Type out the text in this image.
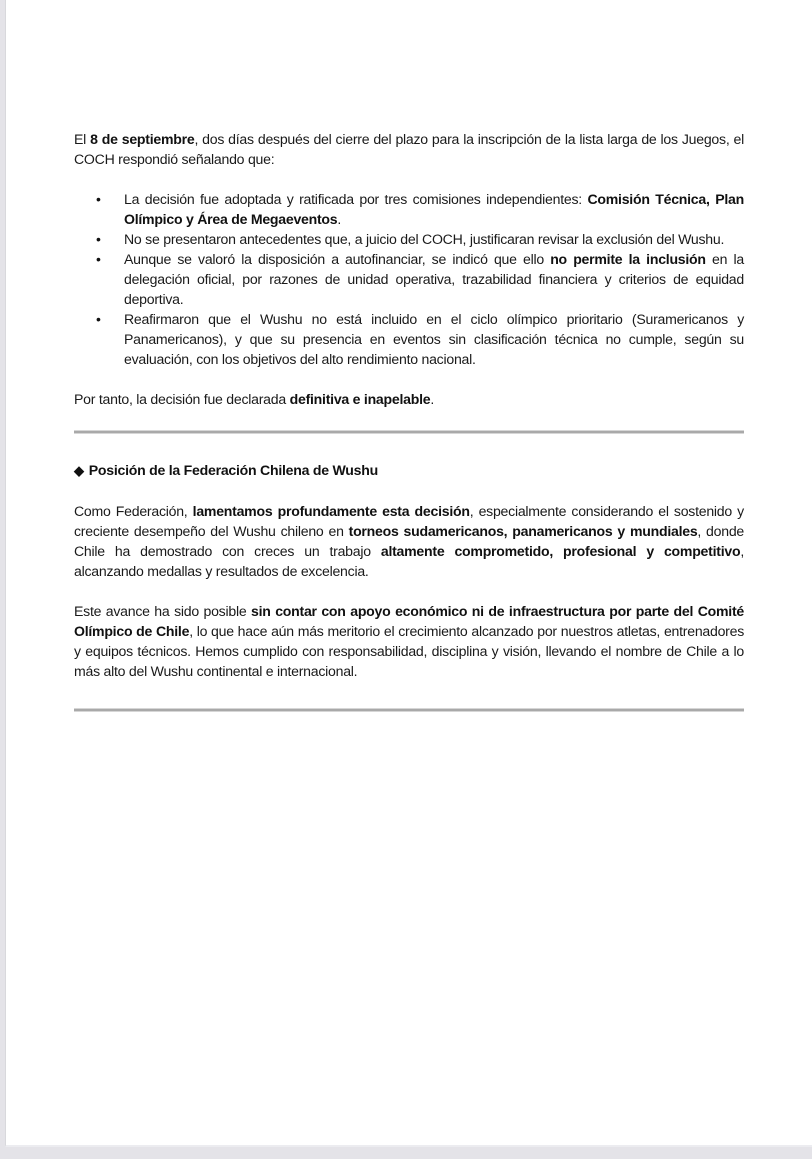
El 8 de septiembre, dos días después del cierre del plazo para la inscripción de la lista larga de los Juegos, el COCH respondió señalando que:

• La decisión fue adoptada y ratificada por tres comisiones independientes: Comisión Técnica, Plan Olímpico y Área de Megaeventos.
• No se presentaron antecedentes que, a juicio del COCH, justificaran revisar la exclusión del Wushu.
• Aunque se valoró la disposición a autofinanciar, se indicó que ello no permite la inclusión en la delegación oficial, por razones de unidad operativa, trazabilidad financiera y criterios de equidad deportiva.
• Reafirmaron que el Wushu no está incluido en el ciclo olímpico prioritario (Suramericanos y Panamericanos), y que su presencia en eventos sin clasificación técnica no cumple, según su evaluación, con los objetivos del alto rendimiento nacional.

Por tanto, la decisión fue declarada definitiva e inapelable.

◆ Posición de la Federación Chilena de Wushu

Como Federación, lamentamos profundamente esta decisión, especialmente considerando el sostenido y creciente desempeño del Wushu chileno en torneos sudamericanos, panamericanos y mundiales, donde Chile ha demostrado con creces un trabajo altamente comprometido, profesional y competitivo, alcanzando medallas y resultados de excelencia.

Este avance ha sido posible sin contar con apoyo económico ni de infraestructura por parte del Comité Olímpico de Chile, lo que hace aún más meritorio el crecimiento alcanzado por nuestros atletas, entrenadores y equipos técnicos. Hemos cumplido con responsabilidad, disciplina y visión, llevando el nombre de Chile a lo más alto del Wushu continental e internacional.
